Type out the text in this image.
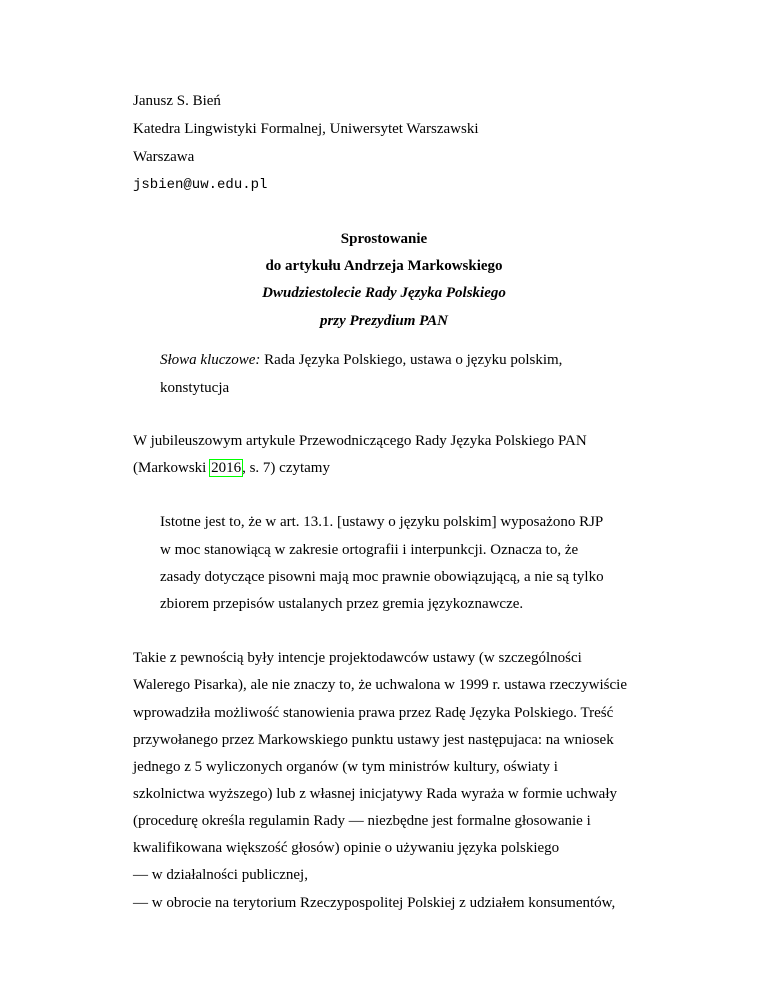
Janusz S. Bień
Katedra Lingwistyki Formalnej, Uniwersytet Warszawski
Warszawa
jsbien@uw.edu.pl
Sprostowanie
do artykułu Andrzeja Markowskiego
Dwudziestolecie Rady Języka Polskiego
przy Prezydium PAN
Słowa kluczowe: Rada Języka Polskiego, ustawa o języku polskim,
konstytucja
W jubileuszowym artykule Przewodniczącego Rady Języka Polskiego PAN
(Markowski 2016, s. 7) czytamy
Istotne jest to, że w art. 13.1. [ustawy o języku polskim] wyposażono RJP
w moc stanowiącą w zakresie ortografii i interpunkcji. Oznacza to, że
zasady dotyczące pisowni mają moc prawnie obowiązującą, a nie są tylko
zbiorem przepisów ustalanych przez gremia językoznawcze.
Takie z pewnością były intencje projektodawców ustawy (w szczególności
Walerego Pisarka), ale nie znaczy to, że uchwalona w 1999 r. ustawa rzeczywiście
wprowadziła możliwość stanowienia prawa przez Radę Języka Polskiego. Treść
przywołanego przez Markowskiego punktu ustawy jest następujaca: na wniosek
jednego z 5 wyliczonych organów (w tym ministrów kultury, oświaty i
szkolnictwa wyższego) lub z własnej inicjatywy Rada wyraża w formie uchwały
(procedurę określa regulamin Rady — niezbędne jest formalne głosowanie i
kwalifikowana większość głosów) opinie o używaniu języka polskiego
— w działalności publicznej,
— w obrocie na terytorium Rzeczypospolitej Polskiej z udziałem konsumentów,
